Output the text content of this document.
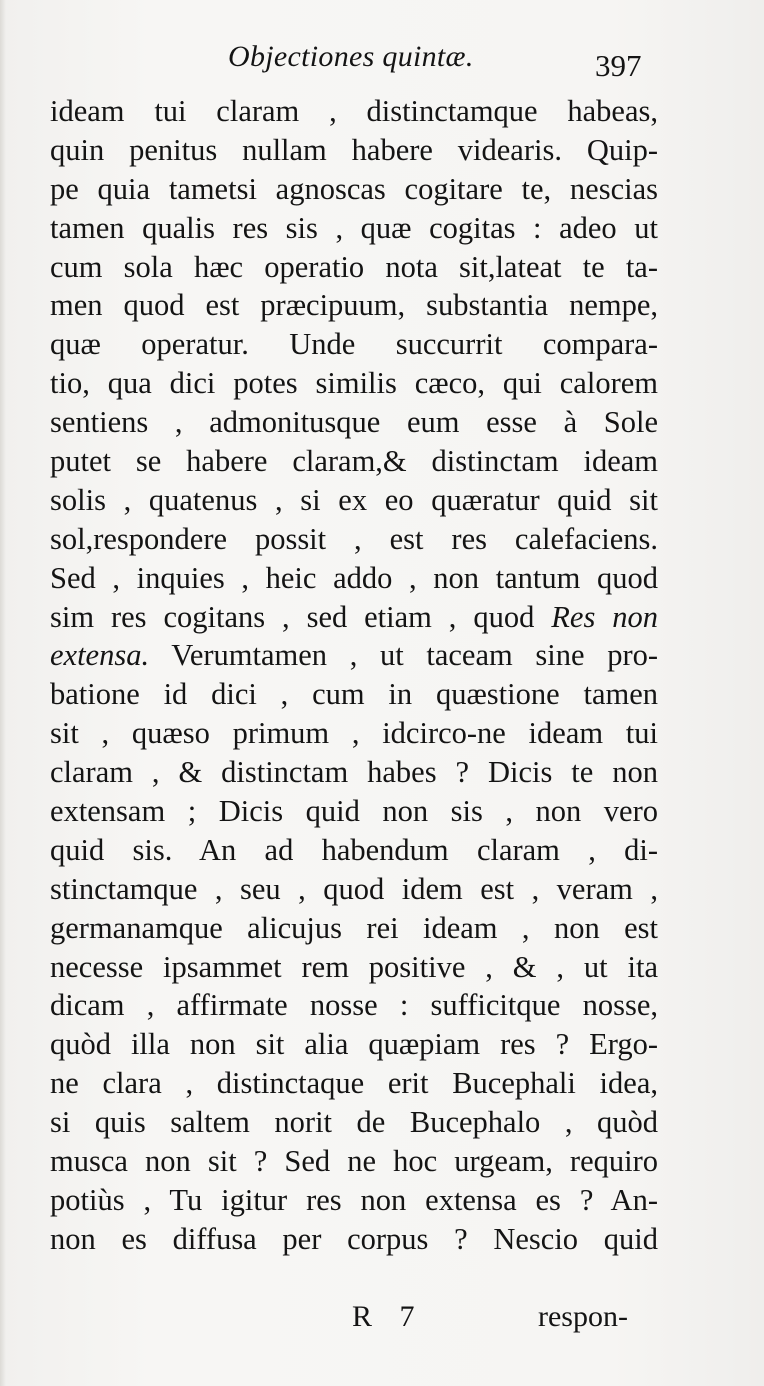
Objectiones quintæ.	397
ideam tui claram , distinctamque habeas,
quin penitus nullam habere videaris. Quip-
pe quia tametsi agnoscas cogitare te, nescias
tamen qualis res sis , quæ cogitas : adeo ut
cum sola hæc operatio nota sit,lateat te ta-
men quod est præcipuum, substantia nempe,
quæ operatur. Unde succurrit compara-
tio, qua dici potes similis cæco, qui calorem
sentiens , admonitusque eum esse à Sole
putet se habere claram,& distinctam ideam
solis , quatenus , si ex eo quæratur quid sit
sol,respondere possit , est res calefaciens.
Sed , inquies , heic addo , non tantum quod
sim res cogitans , sed etiam , quod Res non
extensa. Verumtamen , ut taceam sine pro-
batione id dici , cum in quæstione tamen
sit , quæso primum , idcirco-ne ideam tui
claram , & distinctam habes ? Dicis te non
extensam ; Dicis quid non sis , non vero
quid sis. An ad habendum claram , di-
stinctamque , seu , quod idem est , veram ,
germanamque alicujus rei ideam , non est
necesse ipsammet rem positive , & , ut ita
dicam , affirmate nosse : sufficitque nosse,
quòd illa non sit alia quæpiam res ? Ergo-
ne clara , distinctaque erit Bucephali idea,
si quis saltem norit de Bucephalo , quòd
musca non sit ? Sed ne hoc urgeam, requiro
potiùs , Tu igitur res non extensa es ? An-
non es diffusa per corpus ? Nescio quid
R 7	respon-
